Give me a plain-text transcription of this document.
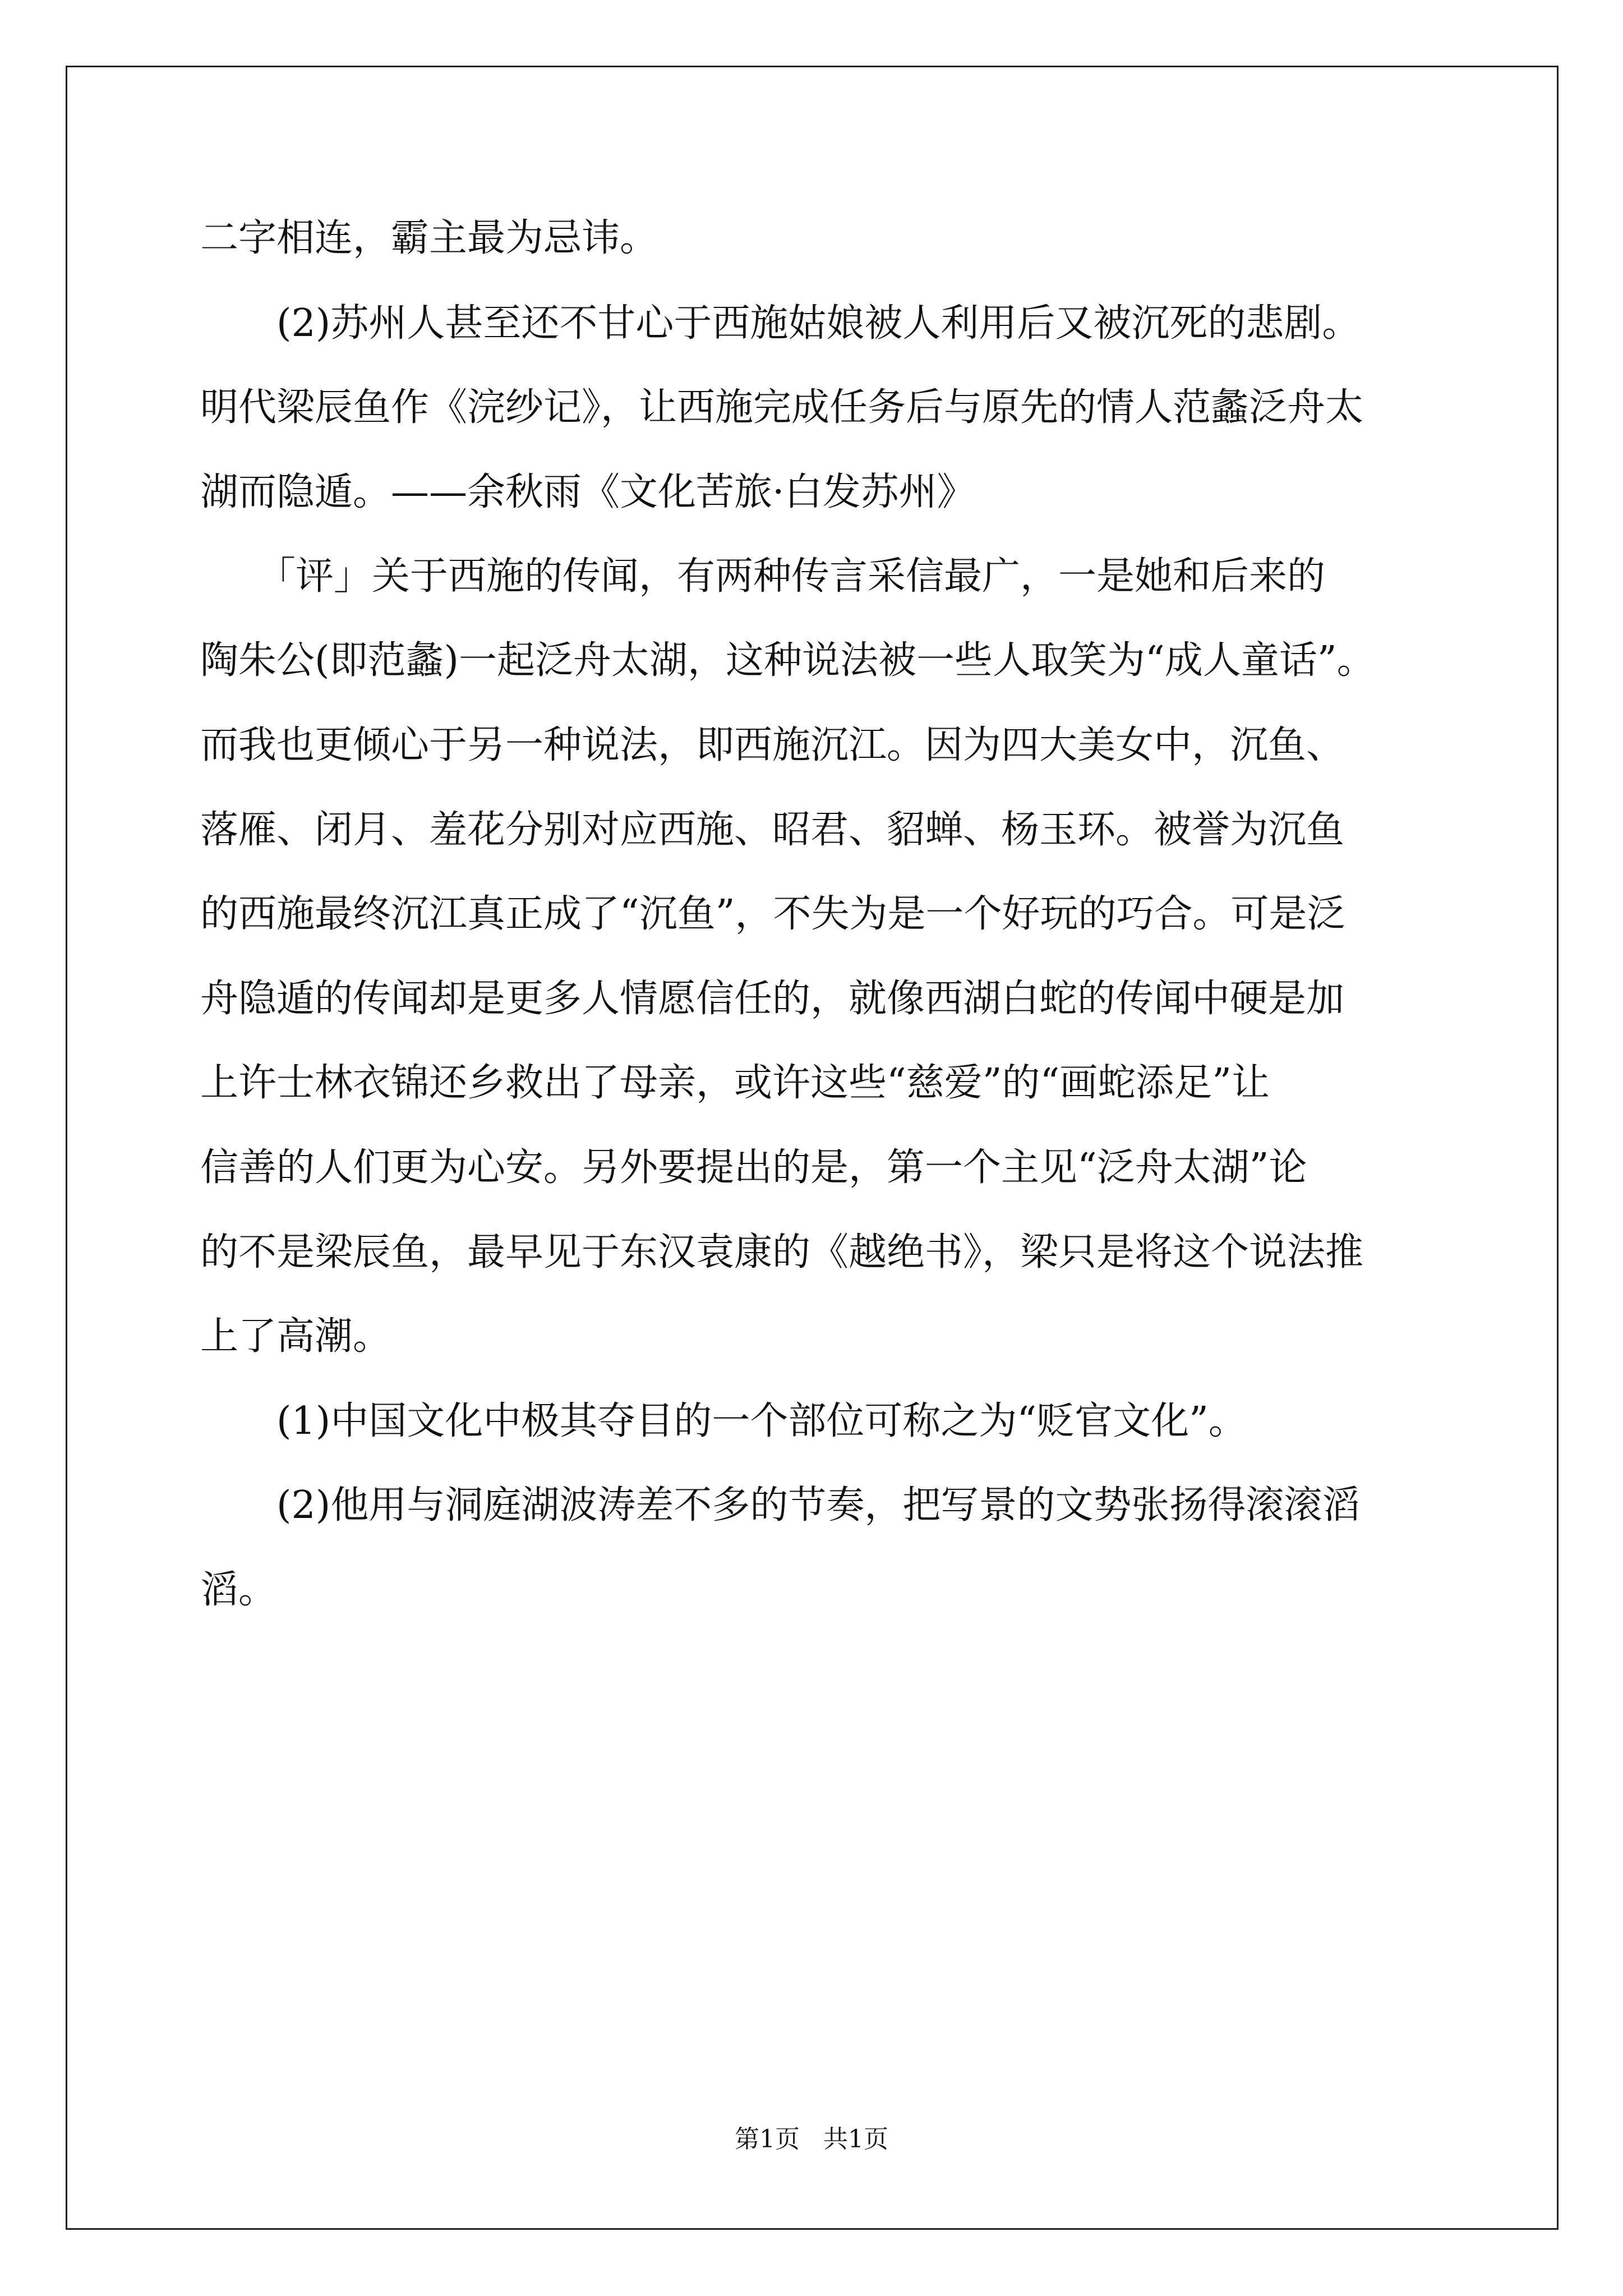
二字相连，霸主最为忌讳。
　　(2)苏州人甚至还不甘心于西施姑娘被人利用后又被沉死的悲剧。
明代梁辰鱼作《浣纱记》，让西施完成任务后与原先的情人范蠡泛舟太
湖而隐遁。——余秋雨《文化苦旅·白发苏州》
　　「评」关于西施的传闻，有两种传言采信最广，一是她和后来的
陶朱公(即范蠡)一起泛舟太湖，这种说法被一些人取笑为“成人童话”。
而我也更倾心于另一种说法，即西施沉江。因为四大美女中，沉鱼、
落雁、闭月、羞花分别对应西施、昭君、貂蝉、杨玉环。被誉为沉鱼
的西施最终沉江真正成了“沉鱼”，不失为是一个好玩的巧合。可是泛
舟隐遁的传闻却是更多人情愿信任的，就像西湖白蛇的传闻中硬是加
上许士林衣锦还乡救出了母亲，或许这些“慈爱”的“画蛇添足”让
信善的人们更为心安。另外要提出的是，第一个主见“泛舟太湖”论
的不是梁辰鱼，最早见于东汉袁康的《越绝书》，梁只是将这个说法推
上了高潮。
　　(1)中国文化中极其夺目的一个部位可称之为“贬官文化”。
　　(2)他用与洞庭湖波涛差不多的节奏，把写景的文势张扬得滚滚滔
滔。
第1页 共1页
